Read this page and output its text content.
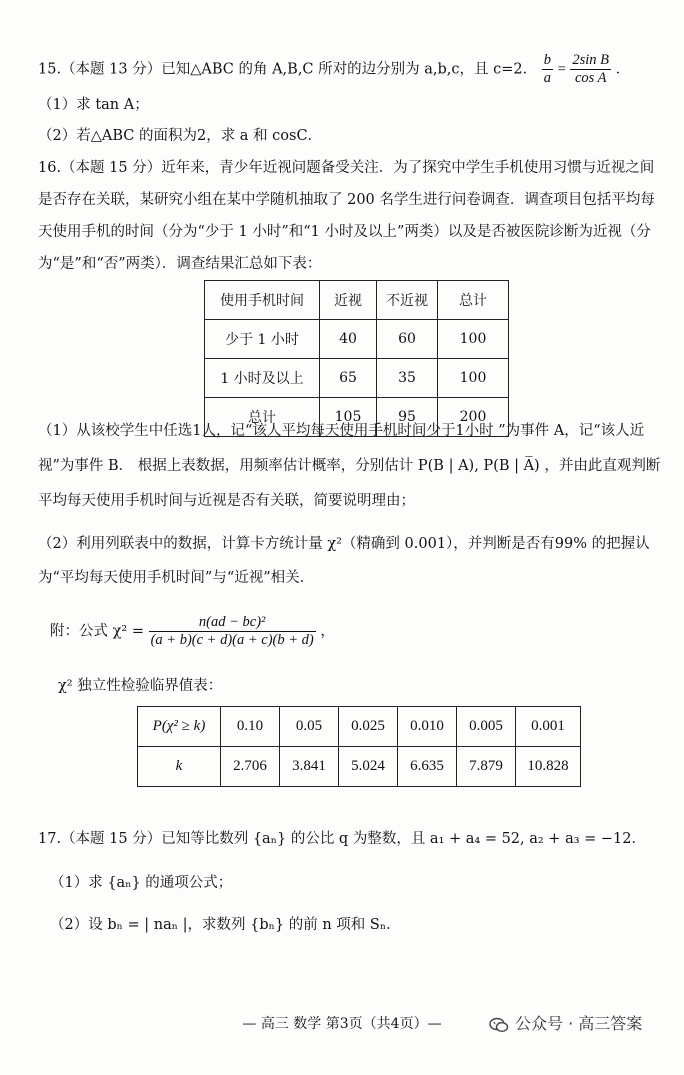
15.（本题 13 分）已知△ABC 的角 A,B,C 所对的边分别为 a,b,c，且 c=2． $\frac{b}{a} = \frac{\text{2sin B}}{\text{cos A}}$ ．
（1）求 tan A；
（2）若△ABC 的面积为2，求 a 和 cosC．
16.（本题 15 分）近年来，青少年近视问题备受关注．为了探究中学生手机使用习惯与近视之间
是否存在关联，某研究小组在某中学随机抽取了 200 名学生进行问卷调查．调查项目包括平均每
天使用手机的时间（分为“少于 1 小时”和“1 小时及以上”两类）以及是否被医院诊断为近视（分
为“是”和“否”两类）．调查结果汇总如下表：
使用手机时间	近视	不近视	总计
少于 1 小时	40	60	100
1 小时及以上	65	35	100
总计	105	95	200
（1）从该校学生中任选1人，记“该人平均每天使用手机时间少于1小时 ”为事件 A，记“该人近
视”为事件 B． 根据上表数据，用频率估计概率，分别估计 P(B | A), P(B | A̅) ，并由此直观判断
平均每天使用手机时间与近视是否有关联，简要说明理由；
（2）利用列联表中的数据，计算卡方统计量 χ²（精确到 0.001），并判断是否有99% 的把握认
为“平均每天使用手机时间”与“近视”相关．
附：公式 $\chi^2 = \frac{\text{n(ad − bc)²}}{(a + b)(c + d)(a + c)(b + d)}$ ，
χ² 独立性检验临界值表：
P(χ² ≥ k)	0.10	0.05	0.025	0.010	0.005	0.001
k	2.706	3.841	5.024	6.635	7.879	10.828
17.（本题 15 分）已知等比数列 {aₙ} 的公比 q 为整数，且 a₁ + a₄ = 52, a₂ + a₃ = −12．
（1）求 {aₙ} 的通项公式；
（2）设 bₙ = | naₙ |，求数列 {bₙ} 的前 n 项和 Sₙ．
— 高三 数学 第3页（共4页）—	公众号 · 高三答案
